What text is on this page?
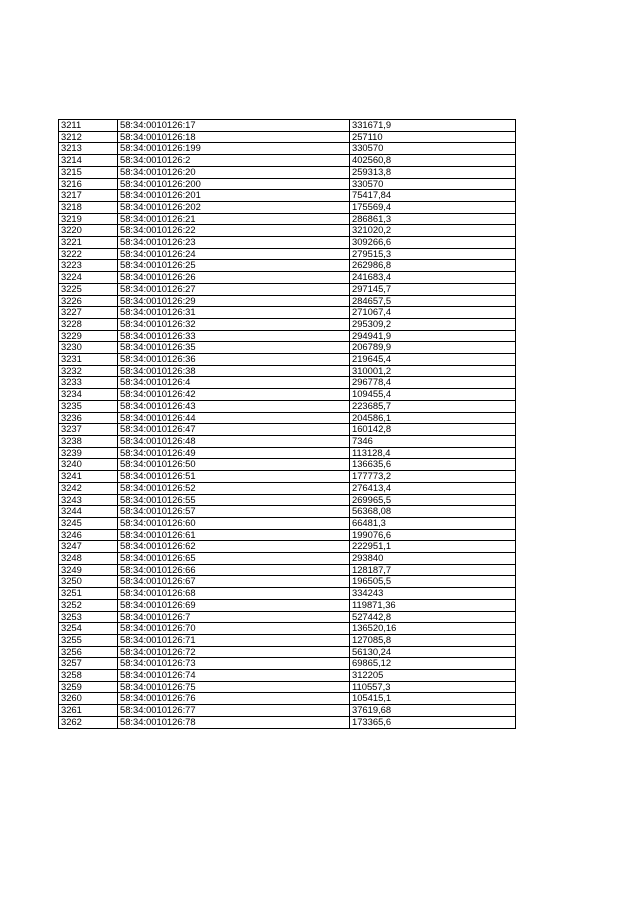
3211	58:34:0010126:17	331671,9
3212	58:34:0010126:18	257110
3213	58:34:0010126:199	330570
3214	58:34:0010126:2	402560,8
3215	58:34:0010126:20	259313,8
3216	58:34:0010126:200	330570
3217	58:34:0010126:201	75417,84
3218	58:34:0010126:202	175569,4
3219	58:34:0010126:21	286861,3
3220	58:34:0010126:22	321020,2
3221	58:34:0010126:23	309266,6
3222	58:34:0010126:24	279515,3
3223	58:34:0010126:25	262986,8
3224	58:34:0010126:26	241683,4
3225	58:34:0010126:27	297145,7
3226	58:34:0010126:29	284657,5
3227	58:34:0010126:31	271067,4
3228	58:34:0010126:32	295309,2
3229	58:34:0010126:33	294941,9
3230	58:34:0010126:35	206789,9
3231	58:34:0010126:36	219645,4
3232	58:34:0010126:38	310001,2
3233	58:34:0010126:4	296778,4
3234	58:34:0010126:42	109455,4
3235	58:34:0010126:43	223685,7
3236	58:34:0010126:44	204586,1
3237	58:34:0010126:47	160142,8
3238	58:34:0010126:48	7346
3239	58:34:0010126:49	113128,4
3240	58:34:0010126:50	136635,6
3241	58:34:0010126:51	177773,2
3242	58:34:0010126:52	276413,4
3243	58:34:0010126:55	269965,5
3244	58:34:0010126:57	56368,08
3245	58:34:0010126:60	66481,3
3246	58:34:0010126:61	199076,6
3247	58:34:0010126:62	222951,1
3248	58:34:0010126:65	293840
3249	58:34:0010126:66	128187,7
3250	58:34:0010126:67	196505,5
3251	58:34:0010126:68	334243
3252	58:34:0010126:69	119871,36
3253	58:34:0010126:7	527442,8
3254	58:34:0010126:70	136520,16
3255	58:34:0010126:71	127085,8
3256	58:34:0010126:72	56130,24
3257	58:34:0010126:73	69865,12
3258	58:34:0010126:74	312205
3259	58:34:0010126:75	110557,3
3260	58:34:0010126:76	105415,1
3261	58:34:0010126:77	37619,68
3262	58:34:0010126:78	173365,6
